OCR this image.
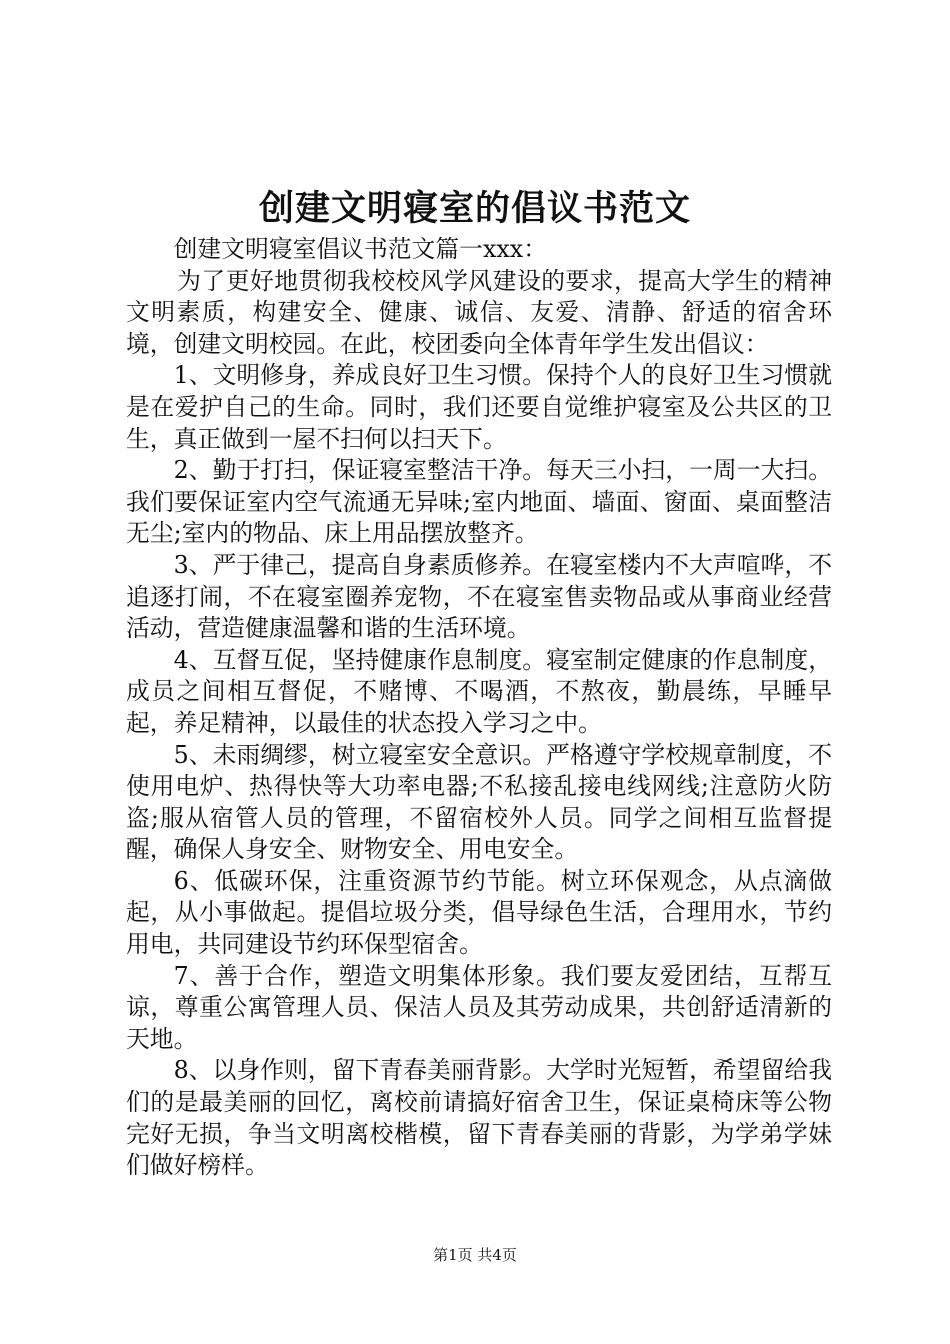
创建文明寝室的倡议书范文

创建文明寝室倡议书范文篇一xxx：

为了更好地贯彻我校校风学风建设的要求，提高大学生的精神文明素质，构建安全、健康、诚信、友爱、清静、舒适的宿舍环境，创建文明校园。在此，校团委向全体青年学生发出倡议：

1、文明修身，养成良好卫生习惯。保持个人的良好卫生习惯就是在爱护自己的生命。同时，我们还要自觉维护寝室及公共区的卫生，真正做到一屋不扫何以扫天下。

2、勤于打扫，保证寝室整洁干净。每天三小扫，一周一大扫。我们要保证室内空气流通无异味;室内地面、墙面、窗面、桌面整洁无尘;室内的物品、床上用品摆放整齐。

3、严于律己，提高自身素质修养。在寝室楼内不大声喧哗，不追逐打闹，不在寝室圈养宠物，不在寝室售卖物品或从事商业经营活动，营造健康温馨和谐的生活环境。

4、互督互促，坚持健康作息制度。寝室制定健康的作息制度，成员之间相互督促，不赌博、不喝酒，不熬夜，勤晨练，早睡早起，养足精神，以最佳的状态投入学习之中。

5、未雨绸缪，树立寝室安全意识。严格遵守学校规章制度，不使用电炉、热得快等大功率电器;不私接乱接电线网线;注意防火防盗;服从宿管人员的管理，不留宿校外人员。同学之间相互监督提醒，确保人身安全、财物安全、用电安全。

6、低碳环保，注重资源节约节能。树立环保观念，从点滴做起，从小事做起。提倡垃圾分类，倡导绿色生活，合理用水，节约用电，共同建设节约环保型宿舍。

7、善于合作，塑造文明集体形象。我们要友爱团结，互帮互谅，尊重公寓管理人员、保洁人员及其劳动成果，共创舒适清新的天地。

8、以身作则，留下青春美丽背影。大学时光短暂，希望留给我们的是最美丽的回忆，离校前请搞好宿舍卫生，保证桌椅床等公物完好无损，争当文明离校楷模，留下青春美丽的背影，为学弟学妹们做好榜样。

第1页 共4页
